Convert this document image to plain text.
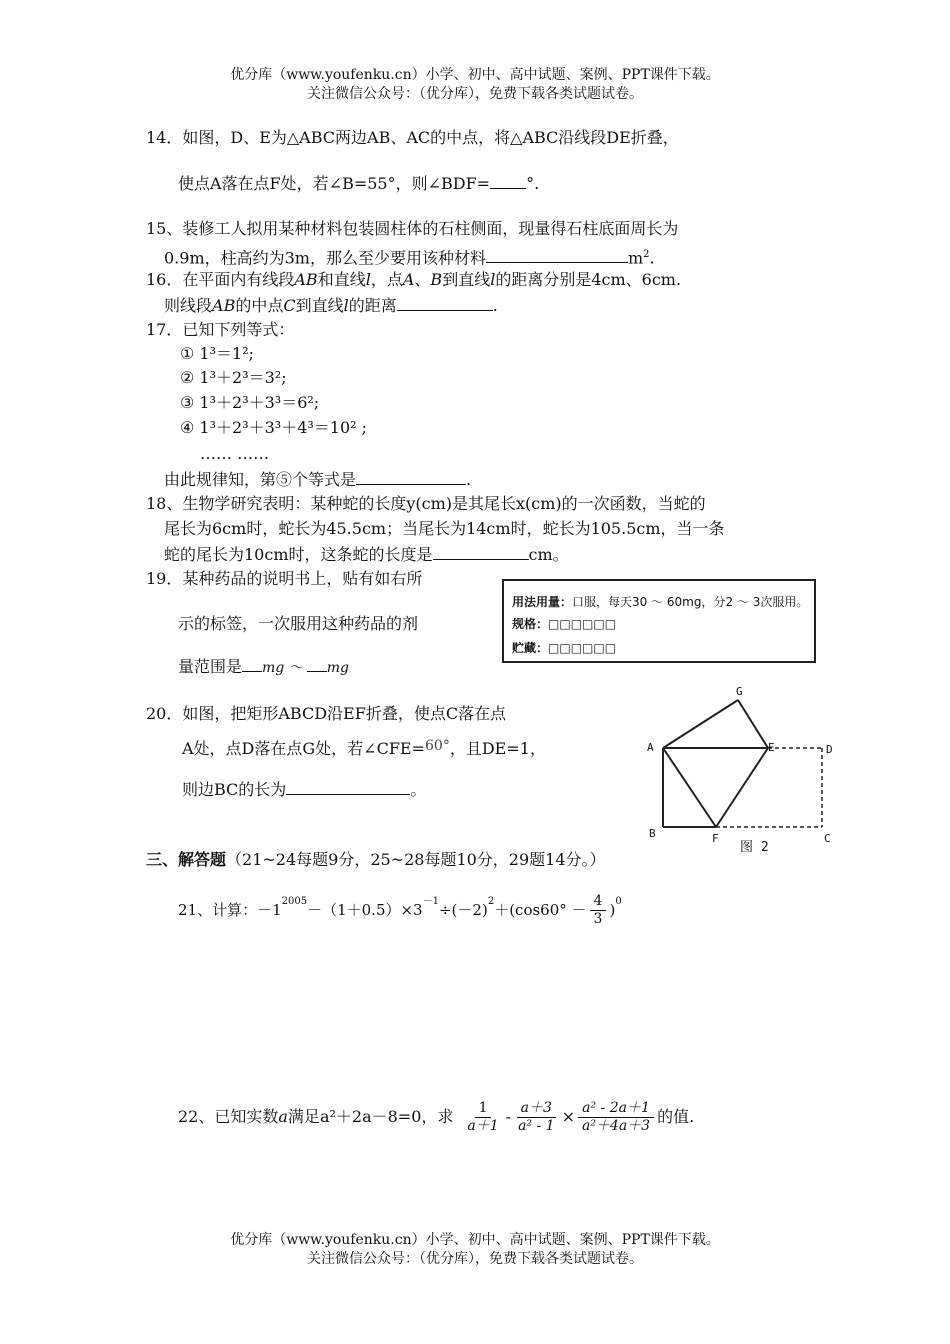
优分库（www.youfenku.cn）小学、初中、高中试题、案例、PPT课件下载。
关注微信公众号：（优分库），免费下载各类试题试卷。
14．如图，D、E为△ABC两边AB、AC的中点，将△ABC沿线段DE折叠，
使点A落在点F处，若∠B=55°，则∠BDF= °.
15、装修工人拟用某种材料包装圆柱体的石柱侧面，现量得石柱底面周长为
0.9m，柱高约为3m，那么至少要用该种材料	$m^2$.
16．在平面内有线段AB和直线l，点A、B到直线l的距离分别是4cm、6cm.
则线段AB的中点C到直线l的距离	.
17．已知下列等式：
① 1³＝1²;
② 1³＋2³＝3²;
③ 1³＋2³＋3³＝6²;
④ 1³＋2³＋3³＋4³＝10² ;
…… ……
由此规律知，第⑤个等式是	.
18、生物学研究表明：某种蛇的长度y(cm)是其尾长x(cm)的一次函数，当蛇的
尾长为6cm时，蛇长为45.5cm；当尾长为14cm时，蛇长为105.5cm，当一条
蛇的尾长为10cm时，这条蛇的长度是	cm。
19．某种药品的说明书上，贴有如右所
示的标签，一次服用这种药品的剂
量范围是 mg ～ mg
用法用量：口服，每天30 ～ 60mg，分2 ～ 3次服用。
规格：□□□□□□
贮藏：□□□□□□
20．如图，把矩形ABCD沿EF折叠，使点C落在点
A处，点D落在点G处，若∠CFE=60°，且DE=1，
则边BC的长为	。
G
A	E	D
B	F	C
图 2
三、解答题（21~24每题9分，25~28每题10分，29题14分。）
21、计算：$-1^{2005} -(1+0.5)\times 3^{-1} \div(-2)$ $^2 +(\cos 60^\circ - \frac{4}{3} )^0$
22、已知实数 a 满足 a²＋2a－8=0，求 $\frac{1}{a+1} - \frac{a+3}{\text{a² - 1}} \times \frac{\text{a² - 2a＋1}}{\text{a²＋4a＋3}}$ 的值.
优分库（www.youfenku.cn）小学、初中、高中试题、案例、PPT课件下载。
关注微信公众号：（优分库），免费下载各类试题试卷。
